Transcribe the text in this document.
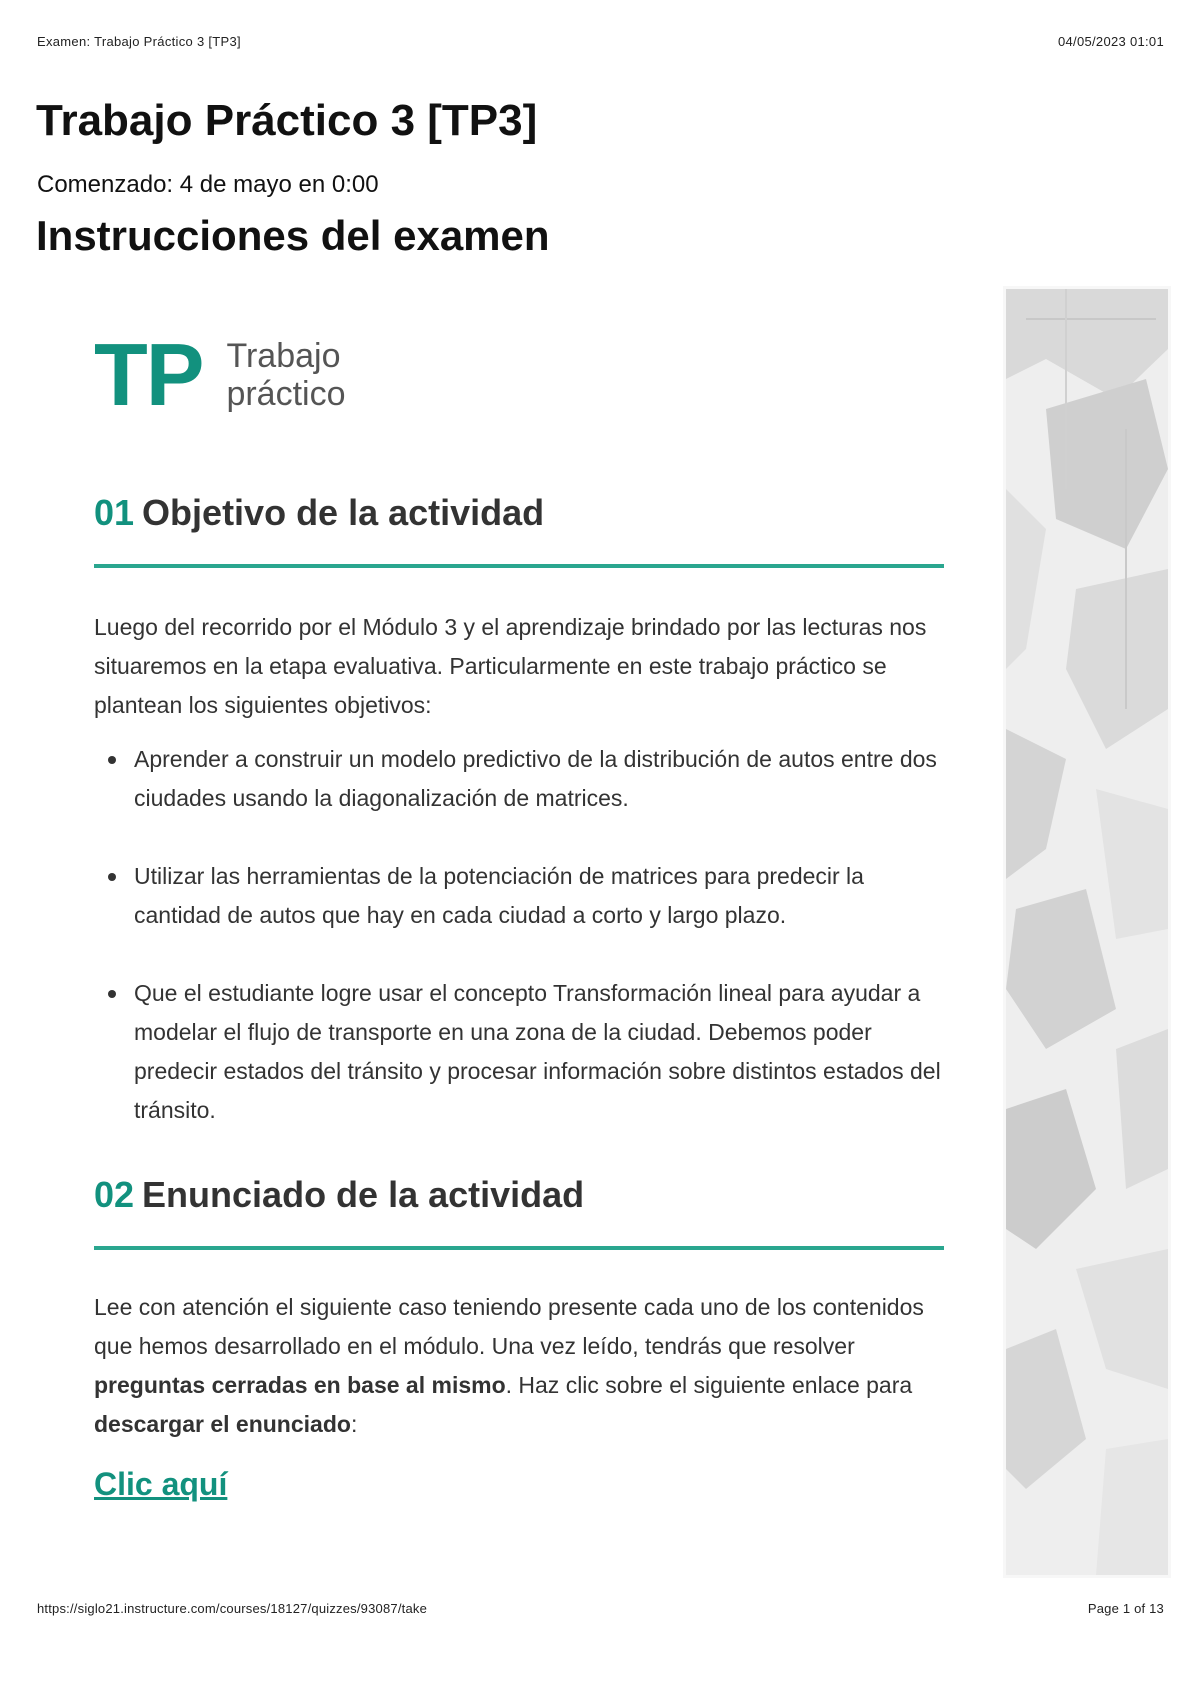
Examen: Trabajo Práctico 3 [TP3]	04/05/2023 01:01
Trabajo Práctico 3 [TP3]
Comenzado: 4 de mayo en 0:00
Instrucciones del examen
TP Trabajo
práctico
01 Objetivo de la actividad

Luego del recorrido por el Módulo 3 y el aprendizaje brindado por las lecturas nos situaremos en la etapa evaluativa. Particularmente en este trabajo práctico se plantean los siguientes objetivos:

Aprender a construir un modelo predictivo de la distribución de autos entre dos ciudades usando la diagonalización de matrices.
Utilizar las herramientas de la potenciación de matrices para predecir la cantidad de autos que hay en cada ciudad a corto y largo plazo.
Que el estudiante logre usar el concepto Transformación lineal para ayudar a modelar el flujo de transporte en una zona de la ciudad. Debemos poder predecir estados del tránsito y procesar información sobre distintos estados del tránsito.
02 Enunciado de la actividad

Lee con atención el siguiente caso teniendo presente cada uno de los contenidos que hemos desarrollado en el módulo. Una vez leído, tendrás que resolver preguntas cerradas en base al mismo. Haz clic sobre el siguiente enlace para descargar el enunciado:

Clic aquí
https://siglo21.instructure.com/courses/18127/quizzes/93087/take	Page 1 of 13
